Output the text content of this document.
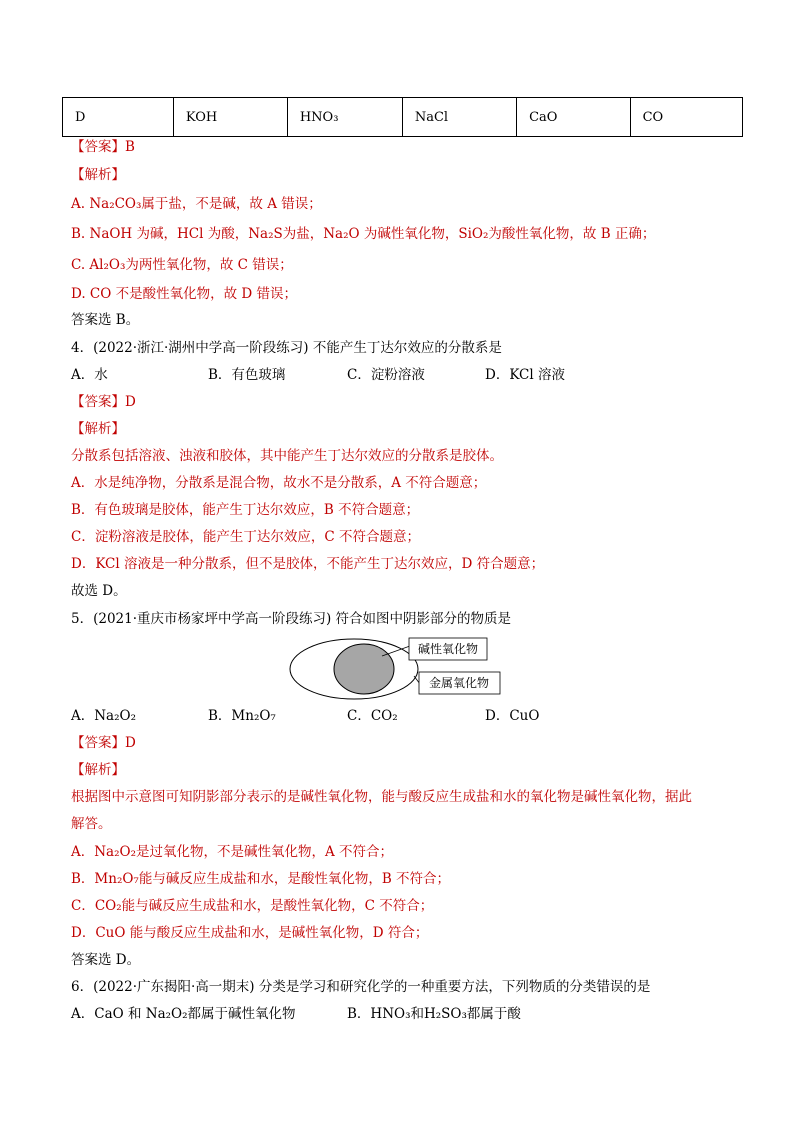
D	KOH	HNO₃	NaCl	CaO	CO
【答案】B
【解析】
A. Na₂CO₃属于盐，不是碱，故 A 错误；
B. NaOH 为碱，HCl 为酸，Na₂S为盐，Na₂O 为碱性氧化物，SiO₂为酸性氧化物，故 B 正确；
C. Al₂O₃为两性氧化物，故 C 错误；
D. CO 不是酸性氧化物，故 D 错误；
答案选 B。
4．(2022·浙江·湖州中学高一阶段练习) 不能产生丁达尔效应的分散系是
A．水	B．有色玻璃	C．淀粉溶液	D．KCl 溶液
【答案】D
【解析】
分散系包括溶液、浊液和胶体，其中能产生丁达尔效应的分散系是胶体。
A．水是纯净物，分散系是混合物，故水不是分散系，A 不符合题意；
B．有色玻璃是胶体，能产生丁达尔效应，B 不符合题意；
C．淀粉溶液是胶体，能产生丁达尔效应，C 不符合题意；
D．KCl 溶液是一种分散系，但不是胶体，不能产生丁达尔效应，D 符合题意；
故选 D。
5．(2021·重庆市杨家坪中学高一阶段练习) 符合如图中阴影部分的物质是
碱性氧化物
金属氧化物
A．Na₂O₂	B．Mn₂O₇	C．CO₂	D．CuO
【答案】D
【解析】
根据图中示意图可知阴影部分表示的是碱性氧化物，能与酸反应生成盐和水的氧化物是碱性氧化物，据此
解答。
A．Na₂O₂是过氧化物，不是碱性氧化物，A 不符合；
B．Mn₂O₇能与碱反应生成盐和水，是酸性氧化物，B 不符合；
C．CO₂能与碱反应生成盐和水，是酸性氧化物，C 不符合；
D．CuO 能与酸反应生成盐和水，是碱性氧化物，D 符合；
答案选 D。
6．(2022·广东揭阳·高一期末) 分类是学习和研究化学的一种重要方法，下列物质的分类错误的是
A．CaO 和 Na₂O₂都属于碱性氧化物	B．HNO₃和H₂SO₃都属于酸
